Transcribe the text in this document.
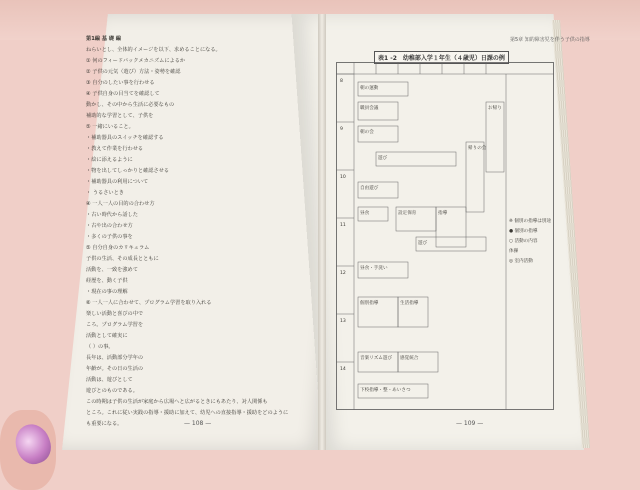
第1編 基 礎 編
ねらいとし、全体的イメージを以下、求めることになる。
① 何のフィードバックメカニズムによるか
② 子供の元気（遊び）方法・姿勢を確認
③ 自分のしたい事を行わせる
④ 子供自身の目当てを確認して
動かし、その中から生活に必要なもの
補助的な学習として、子供を
⑤ 一緒にいること。
・補助器具のスイッチを確認する
・教えて作業を行わせる
・絵に添えるように
・物を出してしっかりと確認させる
・補助器具の利用について
・ うるさいとき
④ 一人一人の目的の合わせ方
・古い時代から話した
・古や出の合わせ方
・多くの子供の事を
⑤ 自分自身のカリキュラム
子供の生活、その成長とともに
活動を、一致を強めて
経歴を、動く子供
・現在の事の理解
⑥ 一人一人に合わせて、プログラム学習を取り入れる
楽しい活動と喜びの中で
ころ。プログラム学習を
活動として確実に
（ ）の事。
長年は、活動部分学年の
年齢が。その日の生活の
活動は、遊びとして
遊びとのものである。
この時期は子供の生活が家庭から広場へと広がるときにもあたり、対人関係も
ところ。これに従い実践の指導・援助に加えて、幼児への直接指導・援助をどのように
も重要になる。	— 108 —
第5章 知的障害児を伴う子供の指導
表1 -2　幼稚部入学１年生（４歳児）日課の例
8
9
10
11
12
13
14
朝の運動
職員会議
朝の会
遊び
自由遊び
昼食	設定保育	指導
帰りの会
お帰り
遊び
昼食・手洗い
個別指導	生活指導
音楽リズム遊び 感覚統合
下校指導・整・あいさつ
※ 個別の指導は別途
● 個別の指導
○ 活動の内容
体操
◎ 室内活動
— 109 —
